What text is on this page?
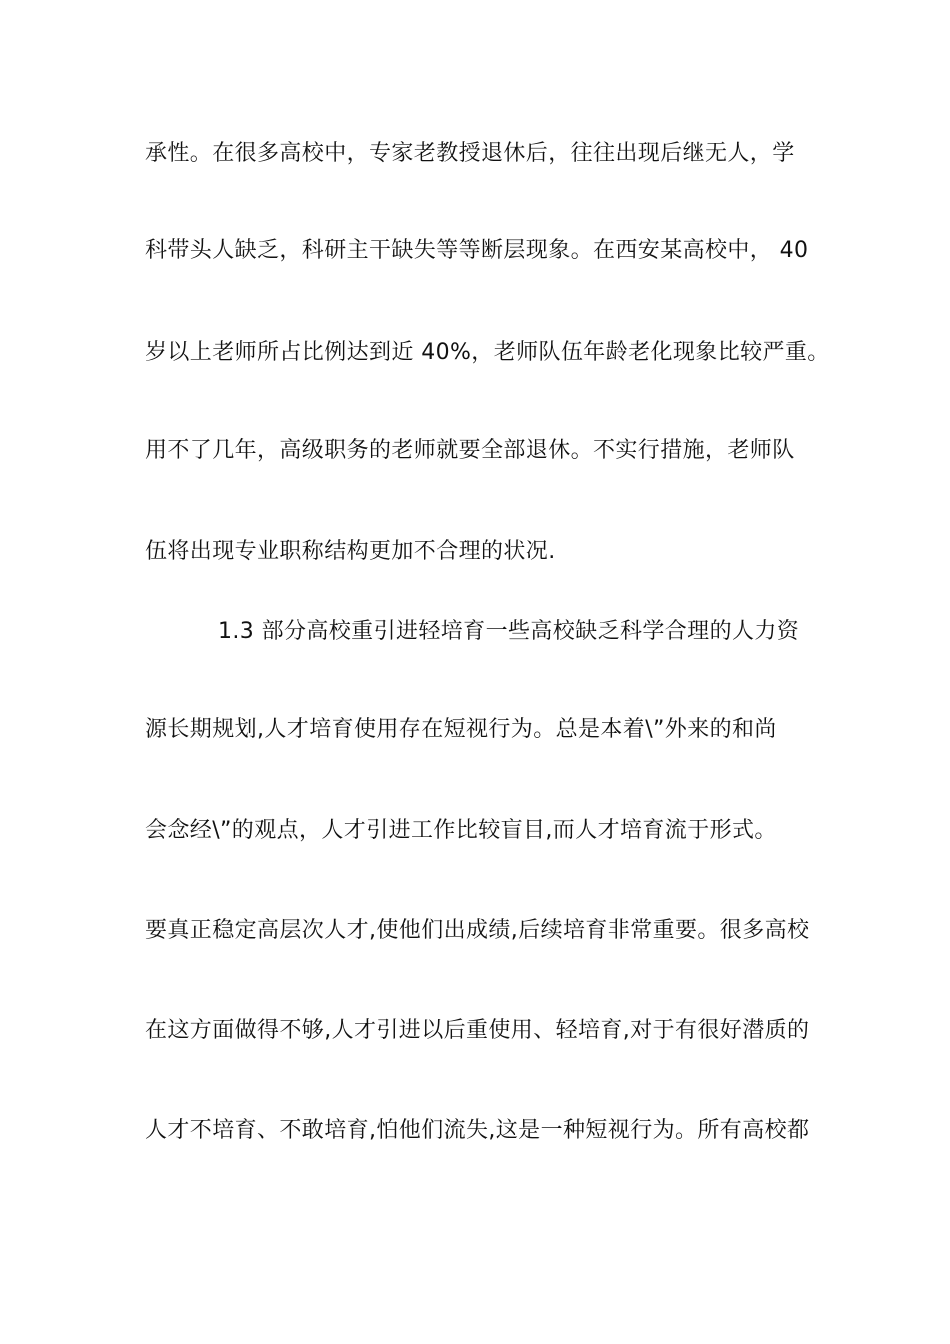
承性。在很多高校中，专家老教授退休后，往往出现后继无人，学
科带头人缺乏，科研主干缺失等等断层现象。在西安某高校中， 40
岁以上老师所占比例达到近 40%，老师队伍年龄老化现象比较严重。
用不了几年，高级职务的老师就要全部退休。不实行措施，老师队
伍将出现专业职称结构更加不合理的状况.
1.3 部分高校重引进轻培育一些高校缺乏科学合理的人力资
源长期规划,人才培育使用存在短视行为。总是本着\”外来的和尚
会念经\”的观点，人才引进工作比较盲目,而人才培育流于形式。
要真正稳定高层次人才,使他们出成绩,后续培育非常重要。很多高校
在这方面做得不够,人才引进以后重使用、轻培育,对于有很好潜质的
人才不培育、不敢培育,怕他们流失,这是一种短视行为。所有高校都
